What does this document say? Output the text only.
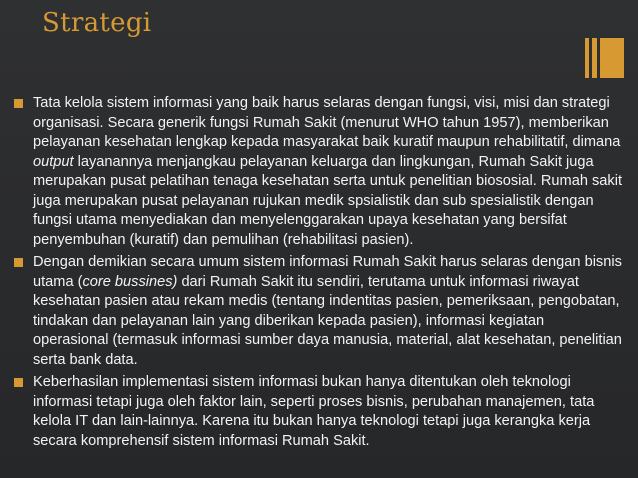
Strategi
Tata kelola sistem informasi yang baik harus selaras dengan fungsi, visi, misi dan strategi organisasi. Secara generik fungsi Rumah Sakit (menurut WHO tahun 1957), memberikan pelayanan kesehatan lengkap kepada masyarakat baik kuratif maupun rehabilitatif, dimana output layanannya menjangkau pelayanan keluarga dan lingkungan, Rumah Sakit juga merupakan pusat pelatihan tenaga kesehatan serta untuk penelitian biososial. Rumah sakit juga merupakan pusat pelayanan rujukan medik spsialistik dan sub spesialistik dengan fungsi utama menyediakan dan menyelenggarakan upaya kesehatan yang bersifat penyembuhan (kuratif) dan pemulihan (rehabilitasi pasien).
Dengan demikian secara umum sistem informasi Rumah Sakit harus selaras dengan bisnis utama (core bussines) dari Rumah Sakit itu sendiri, terutama untuk informasi riwayat kesehatan pasien atau rekam medis (tentang indentitas pasien, pemeriksaan, pengobatan, tindakan dan pelayanan lain yang diberikan kepada pasien), informasi kegiatan operasional (termasuk informasi sumber daya manusia, material, alat kesehatan, penelitian serta bank data.
Keberhasilan implementasi sistem informasi bukan hanya ditentukan oleh teknologi informasi tetapi juga oleh faktor lain, seperti proses bisnis, perubahan manajemen, tata kelola IT dan lain-lainnya. Karena itu bukan hanya teknologi tetapi juga kerangka kerja secara komprehensif sistem informasi Rumah Sakit.
